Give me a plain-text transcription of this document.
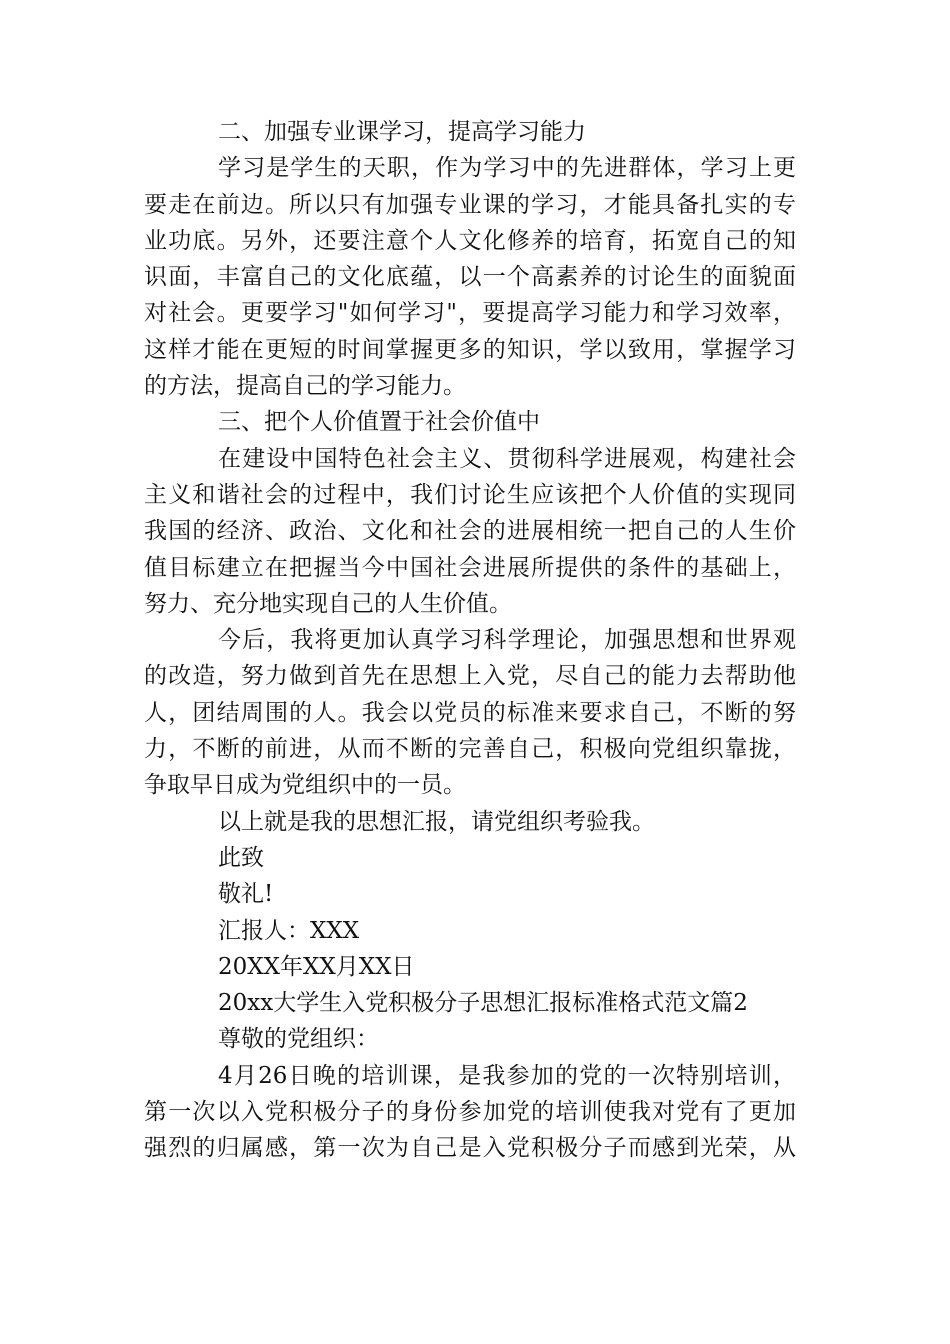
二、加强专业课学习，提高学习能力
学习是学生的天职，作为学习中的先进群体，学习上更
要走在前边。所以只有加强专业课的学习，才能具备扎实的专
业功底。另外，还要注意个人文化修养的培育，拓宽自己的知
识面，丰富自己的文化底蕴，以一个高素养的讨论生的面貌面
对社会。更要学习"如何学习"，要提高学习能力和学习效率，
这样才能在更短的时间掌握更多的知识，学以致用，掌握学习
的方法，提高自己的学习能力。
三、把个人价值置于社会价值中
在建设中国特色社会主义、贯彻科学进展观，构建社会
主义和谐社会的过程中，我们讨论生应该把个人价值的实现同
我国的经济、政治、文化和社会的进展相统一把自己的人生价
值目标建立在把握当今中国社会进展所提供的条件的基础上，
努力、充分地实现自己的人生价值。
今后，我将更加认真学习科学理论，加强思想和世界观
的改造，努力做到首先在思想上入党，尽自己的能力去帮助他
人，团结周围的人。我会以党员的标准来要求自己，不断的努
力，不断的前进，从而不断的完善自己，积极向党组织靠拢，
争取早日成为党组织中的一员。
以上就是我的思想汇报，请党组织考验我。
此致
敬礼!
汇报人：XXX
20XX年XX月XX日
20xx大学生入党积极分子思想汇报标准格式范文篇2
尊敬的党组织：
4月26日晚的培训课，是我参加的党的一次特别培训，
第一次以入党积极分子的身份参加党的培训使我对党有了更加
强烈的归属感，第一次为自己是入党积极分子而感到光荣，从
